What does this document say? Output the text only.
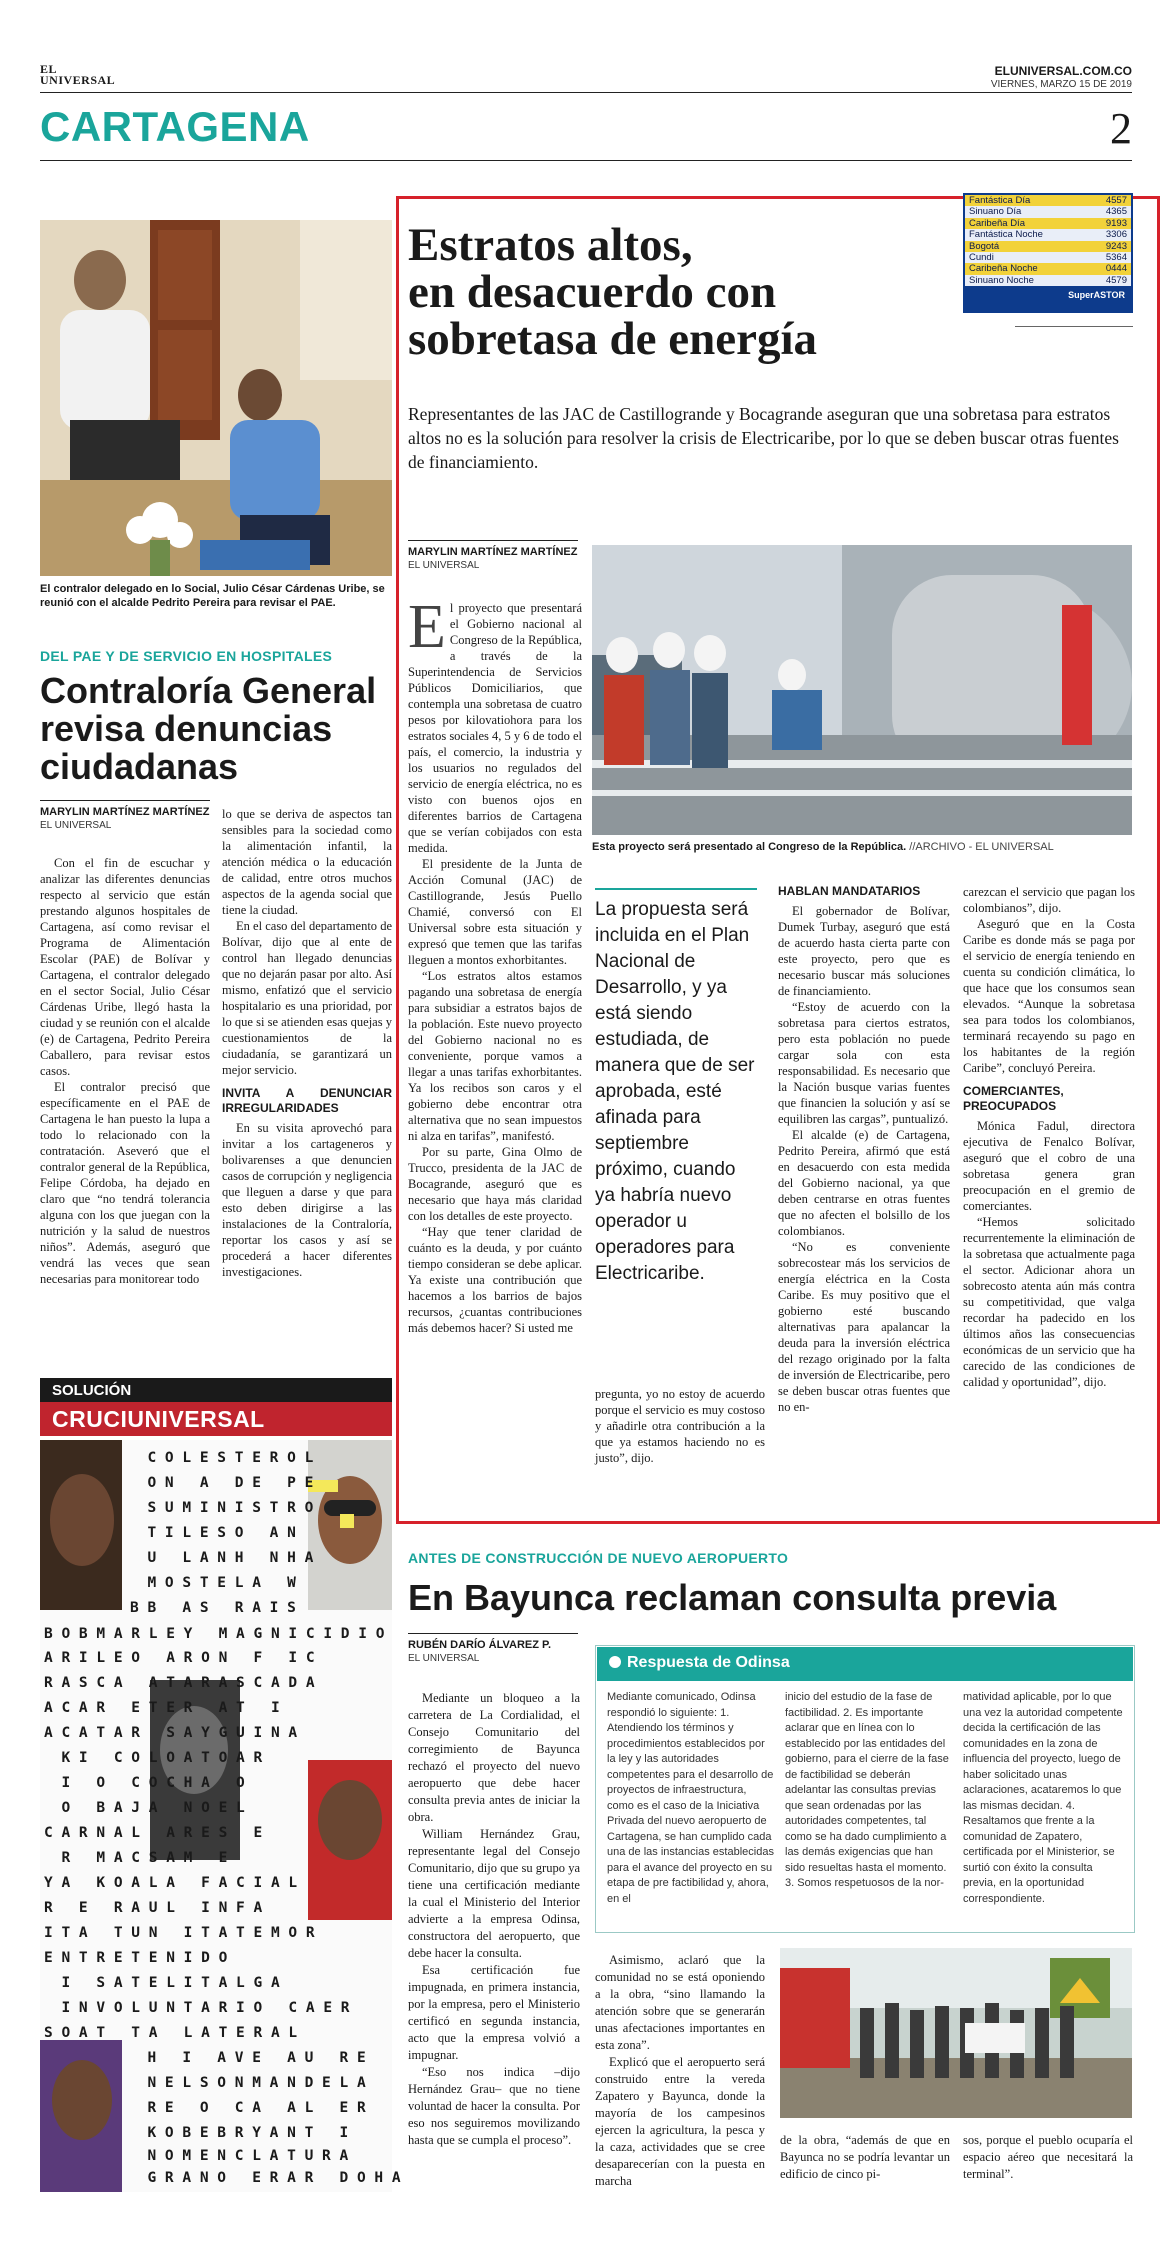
EL
UNIVERSAL
ELUNIVERSAL.COM.CO
VIERNES, MARZO 15 DE 2019
CARTAGENA	2
El contralor delegado en lo Social, Julio César Cárdenas Uribe, se reunió con el alcalde Pedrito Pereira para revisar el PAE.
DEL PAE Y DE SERVICIO EN HOSPITALES
Contraloría General
revisa denuncias
ciudadanas
MARYLIN MARTÍNEZ MARTÍNEZ
EL UNIVERSAL

Con el fin de escuchar y analizar las diferentes denuncias respecto al servicio que están prestando algunos hospitales de Cartagena, así como revisar el Programa de Alimentación Escolar (PAE) de Bolívar y Cartagena, el contralor delegado en el sector Social, Julio César Cárdenas Uribe, llegó hasta la ciudad y se reunión con el alcalde (e) de Cartagena, Pedrito Pereira Caballero, para revisar estos casos.

El contralor precisó que específicamente en el PAE de Cartagena le han puesto la lupa a todo lo relacionado con la contratación. Aseveró que el contralor general de la República, Felipe Córdoba, ha dejado en claro que “no tendrá tolerancia alguna con los que juegan con la nutrición y la salud de nuestros niños”. Además, aseguró que vendrá las veces que sean necesarias para monitorear todo

lo que se deriva de aspectos tan sensibles para la sociedad como la alimentación infantil, la atención médica o la educación de calidad, entre otros muchos aspectos de la agenda social que tiene la ciudad.

En el caso del departamento de Bolívar, dijo que al ente de control han llegado denuncias que no dejarán pasar por alto. Así mismo, enfatizó que el servicio hospitalario es una prioridad, por lo que si se atienden esas quejas y cuestionamientos de la ciudadanía, se garantizará un mejor servicio.

INVITA A DENUNCIAR IRREGULARIDADES

En su visita aprovechó para invitar a los cartageneros y bolivarenses a que denuncien casos de corrupción y negligencia que lleguen a darse y que para esto deben dirigirse a las instalaciones de la Contraloría, reportar los casos y así se procederá a hacer diferentes investigaciones.

SOLUCIÓN
CRUCIUNIVERSAL
C O L E S T E R O L
O N   A   D E   P E
S U M I N I S T R O
T I L E S O   A N
U   L A N H   N H A
M O S T E L A   W
B B   A S   R A I S
B O B M A R L E Y   M A G N I C I D I O
A R I L E O   A R O N   F   I C
R A S C A   A T A R A S C A D A
A C A R   E T E R   A T   I
A C A T A R   S A Y G U I N A
K I   C O L O A T O A R
I   O   C O C H A   O
O   B A J A   N O E L
C A R N A L   A R E S   E
R   M A C S A M   E
Y A   K O A L A   F A C I A L
R   E   R A U L   I N F A
I T A   T U N   I T A T E M O R
E N T R E T E N I D O
I   S A T E L I T A L G A
I N V O L U N T A R I O   C A E R
S O A T   T A   L A T E R A L
H   I   A V E   A U   R E
N E L S O N M A N D E L A
R E   O   C A   A L   E R
K O B E B R Y A N T   I
N O M E N C L A T U R A
G R A N O   E R A R   D O H A
Fantástica Día	4557
Sinuano Día	4365
Caribeña Día	9193
Fantástica Noche	3306
Bogotá	9243
Cundi	5364
Caribeña Noche	0444
Sinuano Noche	4579
SuperASTOR
Estratos altos,
en desacuerdo con
sobretasa de energía
Representantes de las JAC de Castillogrande y Bocagrande aseguran que una sobretasa para estratos altos no es la solución para resolver la crisis de Electricaribe, por lo que se deben buscar otras fuentes de financiamiento.
MARYLIN MARTÍNEZ MARTÍNEZ
EL UNIVERSAL
Esta proyecto será presentado al Congreso de la República. //ARCHIVO - EL UNIVERSAL

El proyecto que presentará el Gobierno nacional al Congreso de la República, a través de la Superintendencia de Servicios Públicos Domiciliarios, que contempla una sobretasa de cuatro pesos por kilovatiohora para los estratos sociales 4, 5 y 6 de todo el país, el comercio, la industria y los usuarios no regulados del servicio de energía eléctrica, no es visto con buenos ojos en diferentes barrios de Cartagena que se verían cobijados con esta medida.

El presidente de la Junta de Acción Comunal (JAC) de Castillogrande, Jesús Puello Chamié, conversó con El Universal sobre esta situación y expresó que temen que las tarifas lleguen a montos exhorbitantes.

“Los estratos altos estamos pagando una sobretasa de energía para subsidiar a estratos bajos de la población. Este nuevo proyecto del Gobierno nacional no es conveniente, porque vamos a llegar a unas tarifas exhorbitantes. Ya los recibos son caros y el gobierno debe encontrar otra alternativa que no sean impuestos ni alza en tarifas”, manifestó.

Por su parte, Gina Olmo de Trucco, presidenta de la JAC de Bocagrande, aseguró que es necesario que haya más claridad con los detalles de este proyecto.

“Hay que tener claridad de cuánto es la deuda, y por cuánto tiempo consideran se debe aplicar. Ya existe una contribución que hacemos a los barrios de bajos recursos, ¿cuantas contribuciones más debemos hacer? Si usted me

La propuesta será incluida en el Plan Nacional de Desarrollo, y ya está siendo estudiada, de manera que de ser aprobada, esté afinada para septiembre próximo, cuando ya habría nuevo operador u operadores para Electricaribe.

pregunta, yo no estoy de acuerdo porque el servicio es muy costoso y añadirle otra contribución a la que ya estamos haciendo no es justo”, dijo.

HABLAN MANDATARIOS

El gobernador de Bolívar, Dumek Turbay, aseguró que está de acuerdo hasta cierta parte con este proyecto, pero que es necesario buscar más soluciones de financiamiento.

“Estoy de acuerdo con la sobretasa para ciertos estratos, pero esta población no puede cargar sola con esta responsabilidad. Es necesario que la Nación busque varias fuentes que financien la solución y así se equilibren las cargas”, puntualizó.

El alcalde (e) de Cartagena, Pedrito Pereira, afirmó que está en desacuerdo con esta medida del Gobierno nacional, ya que deben centrarse en otras fuentes que no afecten el bolsillo de los colombianos.

“No es conveniente sobrecostear más los servicios de energía eléctrica en la Costa Caribe. Es muy positivo que el gobierno esté buscando alternativas para apalancar la deuda para la inversión eléctrica del rezago originado por la falta de inversión de Electricaribe, pero se deben buscar otras fuentes que no en-

carezcan el servicio que pagan los colombianos”, dijo.

Aseguró que en la Costa Caribe es donde más se paga por el servicio de energía teniendo en cuenta su condición climática, lo que hace que los consumos sean elevados. “Aunque la sobretasa sea para todos los colombianos, terminará recayendo su pago en los habitantes de la región Caribe”, concluyó Pereira.

COMERCIANTES, PREOCUPADOS

Mónica Fadul, directora ejecutiva de Fenalco Bolívar, aseguró que el cobro de una sobretasa genera gran preocupación en el gremio de comerciantes.

“Hemos solicitado recurrentemente la eliminación de la sobretasa que actualmente paga el sector. Adicionar ahora un sobrecosto atenta aún más contra su competitividad, que valga recordar ha padecido en los últimos años las consecuencias económicas de un servicio que ha carecido de las condiciones de calidad y oportunidad”, dijo.

ANTES DE CONSTRUCCIÓN DE NUEVO AEROPUERTO
En Bayunca reclaman consulta previa
RUBÉN DARÍO ÁLVAREZ P.
EL UNIVERSAL

Mediante un bloqueo a la carretera de La Cordialidad, el Consejo Comunitario del corregimiento de Bayunca rechazó el proyecto del nuevo aeropuerto que debe hacer consulta previa antes de iniciar la obra.

William Hernández Grau, representante legal del Consejo Comunitario, dijo que su grupo ya tiene una certificación mediante la cual el Ministerio del Interior advierte a la empresa Odinsa, constructora del aeropuerto, que debe hacer la consulta.

Esa certificación fue impugnada, en primera instancia, por la empresa, pero el Ministerio certificó en segunda instancia, acto que la empresa volvió a impugnar.

“Eso nos indica –dijo Hernández Grau– que no tiene voluntad de hacer la consulta. Por eso nos seguiremos movilizando hasta que se cumpla el proceso”.

Respuesta de Odinsa
Mediante comunicado, Odinsa respondió lo siguiente: 1. Atendiendo los términos y procedimientos establecidos por la ley y las autoridades competentes para el desarrollo de proyectos de infraestructura, como es el caso de la Iniciativa Privada del nuevo aeropuerto de Cartagena, se han cumplido cada una de las instancias establecidas para el avance del proyecto en su etapa de pre factibilidad y, ahora, en el
inicio del estudio de la fase de factibilidad. 2. Es importante aclarar que en línea con lo establecido por las entidades del gobierno, para el cierre de la fase de factibilidad se deberán adelantar las consultas previas que sean ordenadas por las autoridades competentes, tal como se ha dado cumplimiento a las demás exigencias que han sido resueltas hasta el momento. 3. Somos respetuosos de la nor-
matividad aplicable, por lo que una vez la autoridad competente decida la certificación de las comunidades en la zona de influencia del proyecto, luego de haber solicitado unas aclaraciones, acataremos lo que las mismas decidan. 4. Resaltamos que frente a la comunidad de Zapatero, certificada por el Ministerior, se surtió con éxito la consulta previa, en la oportunidad correspondiente.

Asimismo, aclaró que la comunidad no se está oponiendo a la obra, “sino llamando la atención sobre que se generarán unas afectaciones importantes en esta zona”.

Explicó que el aeropuerto será construido entre la vereda Zapatero y Bayunca, donde la mayoría de los campesinos ejercen la agricultura, la pesca y la caza, actividades que se cree desaparecerían con la puesta en marcha

de la obra, “además de que en Bayunca no se podría levantar un edificio de cinco pi-

sos, porque el pueblo ocuparía el espacio aéreo que necesitará la terminal”.
